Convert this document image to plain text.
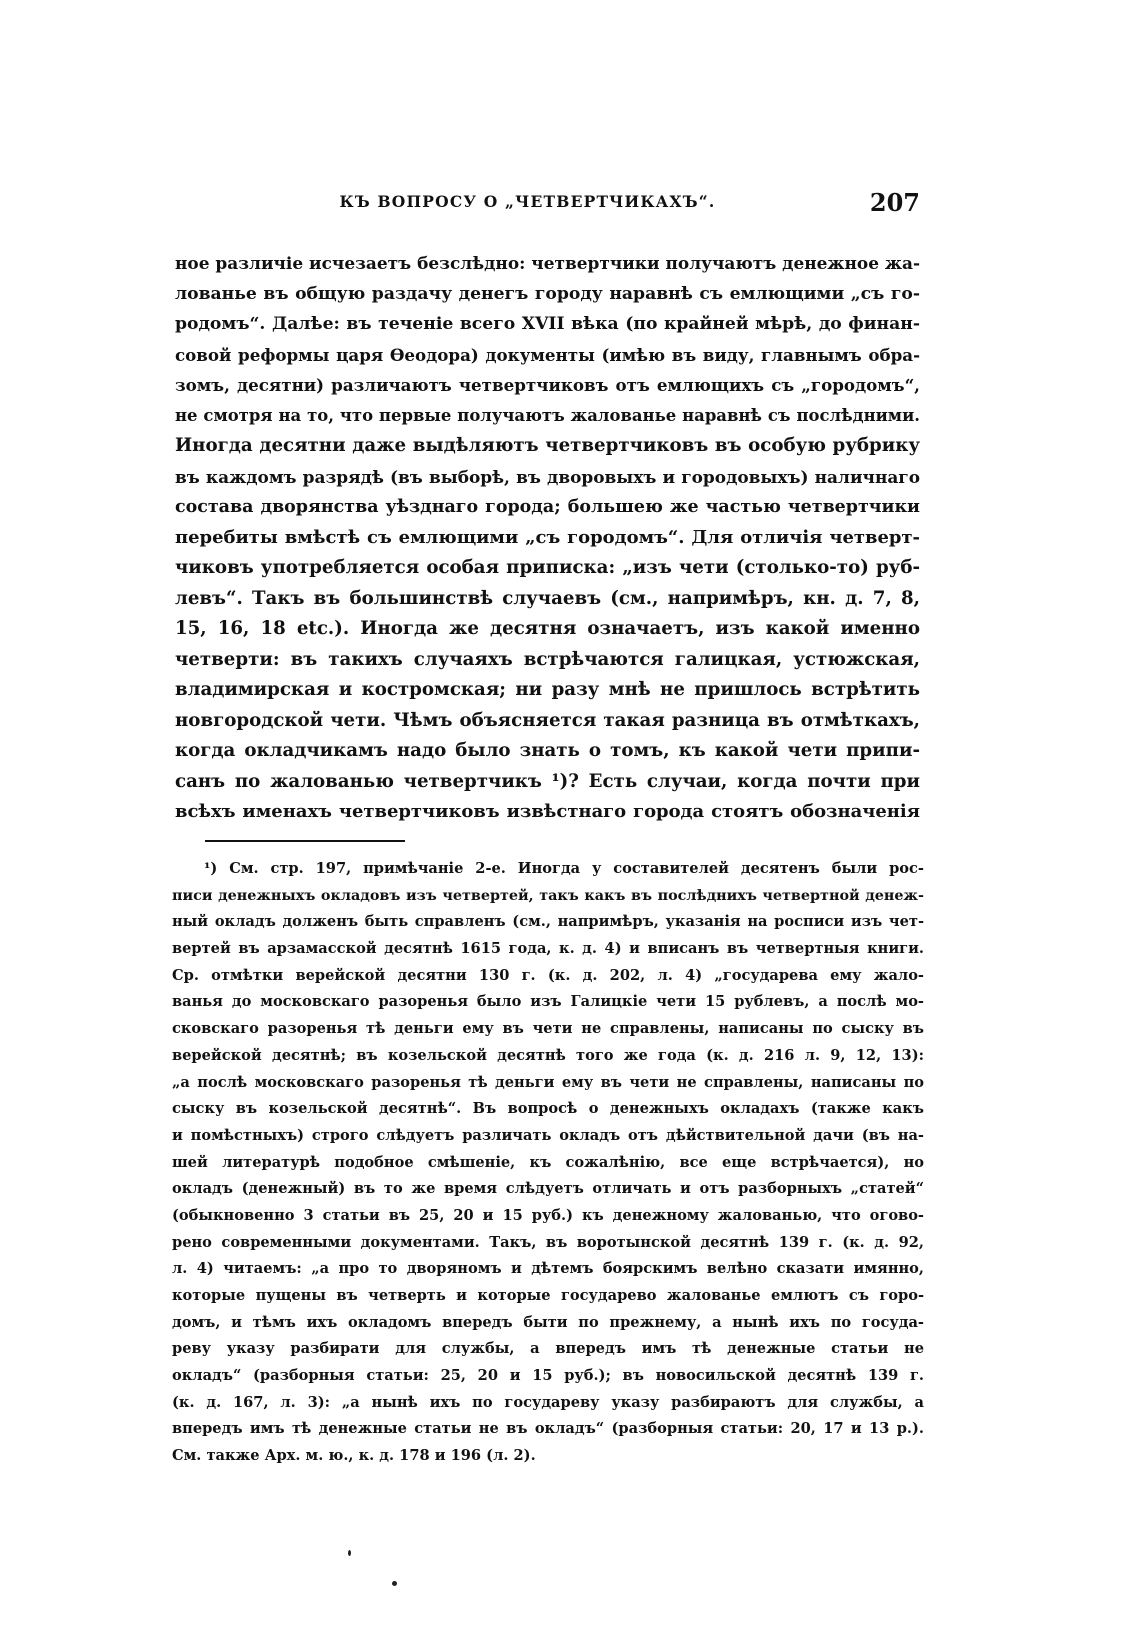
КЪ ВОПРОСУ О „ЧЕТВЕРТЧИКАХЪ“.	207
ное различіе исчезаетъ безслѣдно: четвертчики получаютъ денежное жа-
лованье въ общую раздачу денегъ городу наравнѣ съ емлющими „съ го-
родомъ“. Далѣе: въ теченіе всего XVII вѣка (по крайней мѣрѣ, до финан-
совой реформы царя Ѳеодора) документы (имѣю въ виду, главнымъ обра-
зомъ, десятни) различаютъ четвертчиковъ отъ емлющихъ съ „городомъ“,
не смотря на то, что первые получаютъ жалованье наравнѣ съ послѣдними.
Иногда десятни даже выдѣляютъ четвертчиковъ въ особую рубрику
въ каждомъ разрядѣ (въ выборѣ, въ дворовыхъ и городовыхъ) наличнаго
состава дворянства уѣзднаго города; большею же частью четвертчики
перебиты вмѣстѣ съ емлющими „съ городомъ“. Для отличія четверт-
чиковъ употребляется особая приписка: „изъ чети (столько-то) руб-
левъ“. Такъ въ большинствѣ случаевъ (см., напримѣръ, кн. д. 7, 8,
15, 16, 18 etc.). Иногда же десятня означаетъ, изъ какой именно
четверти: въ такихъ случаяхъ встрѣчаются галицкая, устюжская,
владимирская и костромская; ни разу мнѣ не пришлось встрѣтить
новгородской чети. Чѣмъ объясняется такая разница въ отмѣткахъ,
когда окладчикамъ надо было знать о томъ, къ какой чети припи-
санъ по жалованью четвертчикъ ¹)? Есть случаи, когда почти при
всѣхъ именахъ четвертчиковъ извѣстнаго города стоятъ обозначенія
¹) См. стр. 197, примѣчаніе 2-е. Иногда у составителей десятенъ были рос-
писи денежныхъ окладовъ изъ четвертей, такъ какъ въ послѣднихъ четвертной денеж-
ный окладъ долженъ быть справленъ (см., напримѣръ, указанія на росписи изъ чет-
вертей въ арзамасской десятнѣ 1615 года, к. д. 4) и вписанъ въ четвертныя книги.
Ср. отмѣтки верейской десятни 130 г. (к. д. 202, л. 4) „государева ему жало-
ванья до московскаго разоренья было изъ Галицкіе чети 15 рублевъ, а послѣ мо-
сковскаго разоренья тѣ деньги ему въ чети не справлены, написаны по сыску въ
верейской десятнѣ; въ козельской десятнѣ того же года (к. д. 216 л. 9, 12, 13):
„а послѣ московскаго разоренья тѣ деньги ему въ чети не справлены, написаны по
сыску въ козельской десятнѣ“. Въ вопросѣ о денежныхъ окладахъ (также какъ
и помѣстныхъ) строго слѣдуетъ различать окладъ отъ дѣйствительной дачи (въ на-
шей литературѣ подобное смѣшеніе, къ сожалѣнію, все еще встрѣчается), но
окладъ (денежный) въ то же время слѣдуетъ отличать и отъ разборныхъ „статей“
(обыкновенно 3 статьи въ 25, 20 и 15 руб.) къ денежному жалованью, что огово-
рено современными документами. Такъ, въ воротынской десятнѣ 139 г. (к. д. 92,
л. 4) читаемъ: „а про то дворяномъ и дѣтемъ боярскимъ велѣно сказати имянно,
которые пущены въ четверть и которые государево жалованье емлютъ съ горо-
домъ, и тѣмъ ихъ окладомъ впередъ быти по прежнему, а нынѣ ихъ по госуда-
реву указу разбирати для службы, а впередъ имъ тѣ денежные статьи не
окладъ“ (разборныя статьи: 25, 20 и 15 руб.); въ новосильской десятнѣ 139 г.
(к. д. 167, л. 3): „а нынѣ ихъ по государеву указу разбираютъ для службы, а
впередъ имъ тѣ денежные статьи не въ окладъ“ (разборныя статьи: 20, 17 и 13 р.).
См. также Арх. м. ю., к. д. 178 и 196 (л. 2).
